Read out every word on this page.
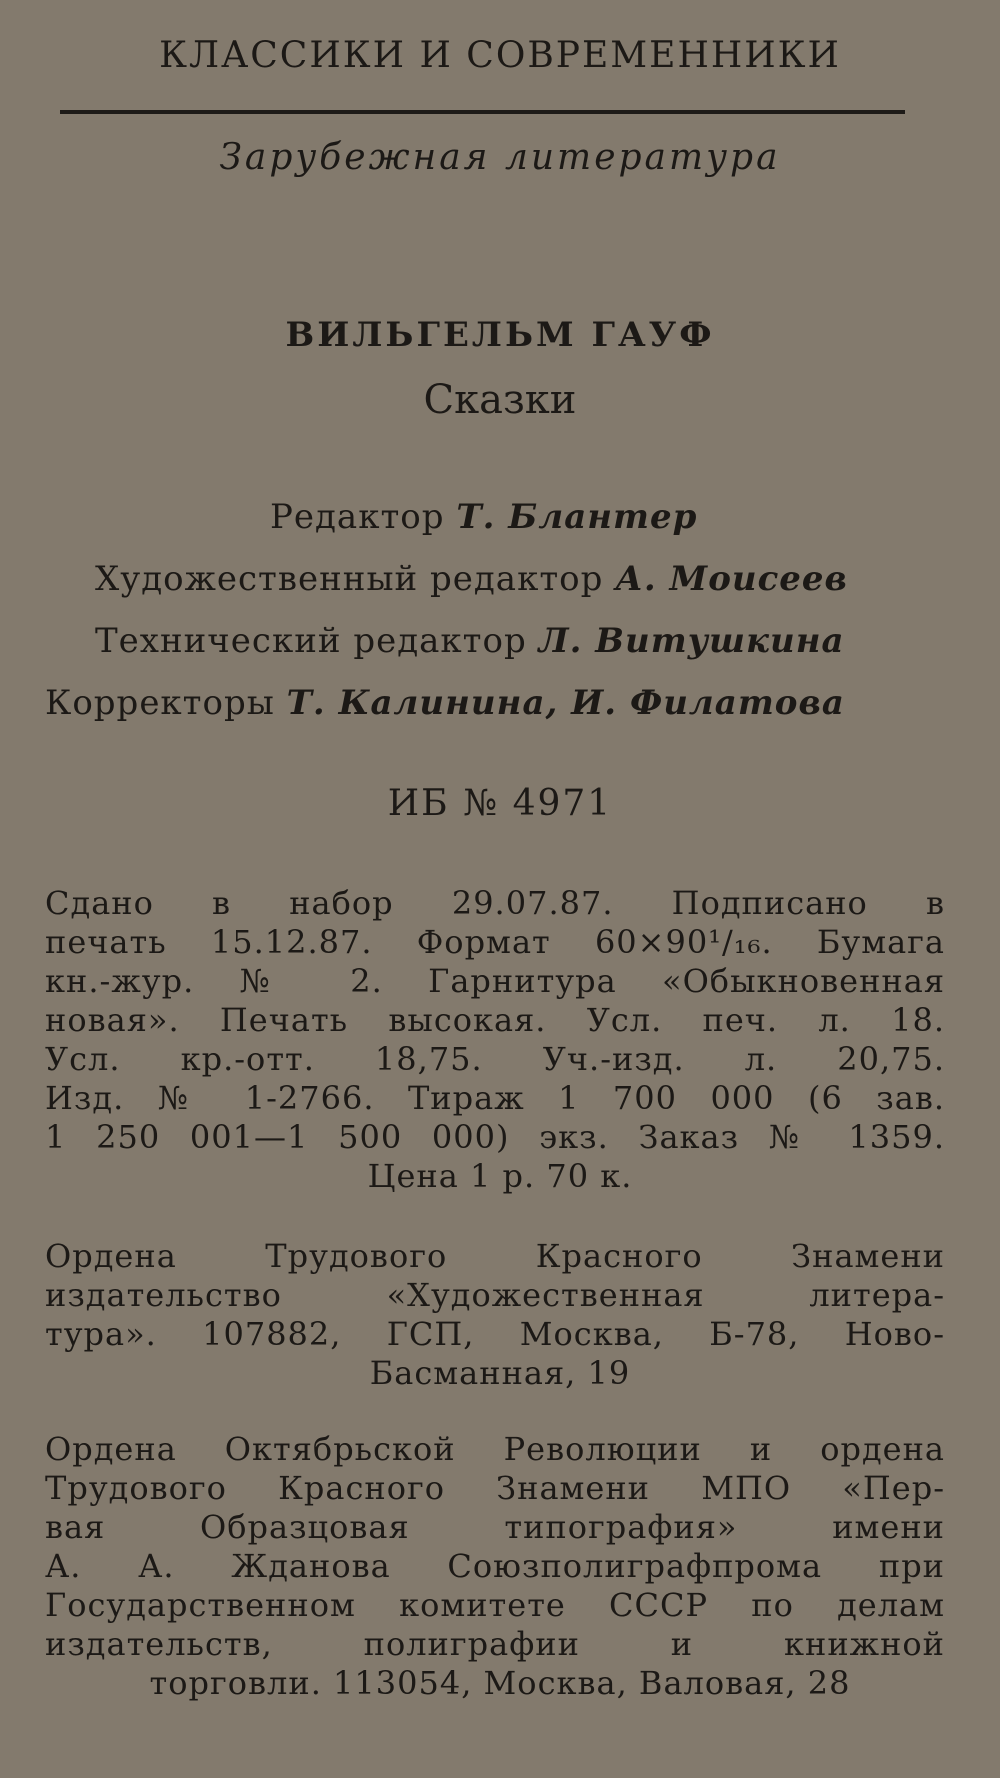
КЛАССИКИ И СОВРЕМЕННИКИ
Зарубежная литература
ВИЛЬГЕЛЬМ ГАУФ
Сказки
Редактор Т. Блантер
Художественный редактор А. Моисеев
Технический редактор Л. Витушкина
Корректоры Т. Калинина, И. Филатова
ИБ № 4971
Сдано в набор 29.07.87. Подписано в
печать 15.12.87. Формат 60×90¹/₁₆. Бумага
кн.-жур. № 2. Гарнитура «Обыкновенная
новая». Печать высокая. Усл. печ. л. 18.
Усл. кр.-отт. 18,75. Уч.-изд. л. 20,75.
Изд. № 1-2766. Тираж 1 700 000 (6 зав.
1 250 001—1 500 000) экз. Заказ № 1359.
Цена 1 р. 70 к.
Ордена Трудового Красного Знамени
издательство «Художественная литера-
тура». 107882, ГСП, Москва, Б-78, Ново-
Басманная, 19
Ордена Октябрьской Революции и ордена
Трудового Красного Знамени МПО «Пер-
вая Образцовая типография» имени
А. А. Жданова Союзполиграфпрома при
Государственном комитете СССР по делам
издательств, полиграфии и книжной
торговли. 113054, Москва, Валовая, 28
